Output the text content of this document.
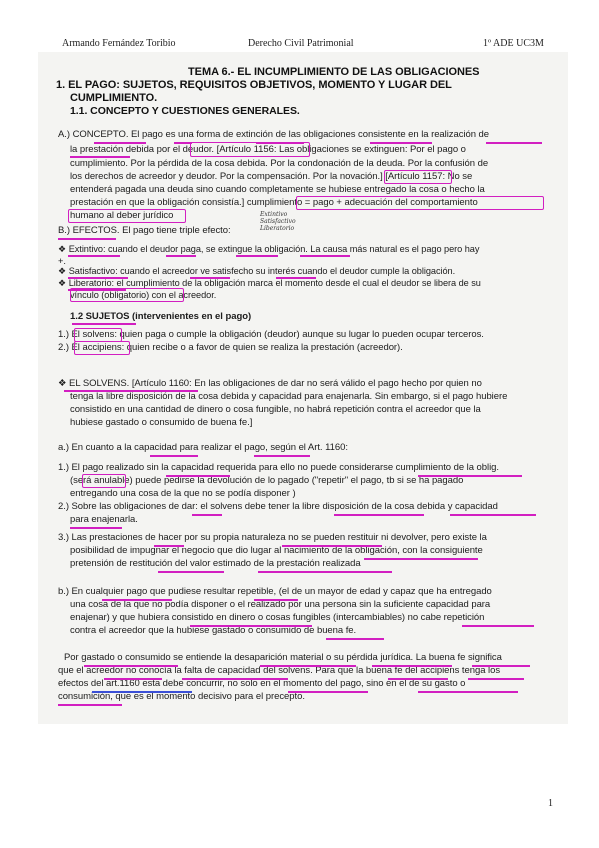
Armando Fernández Toribio	Derecho Civil Patrimonial	1º ADE UC3M
TEMA 6.- EL INCUMPLIMIENTO DE LAS OBLIGACIONES
1. EL PAGO: SUJETOS, REQUISITOS OBJETIVOS, MOMENTO Y LUGAR DEL
CUMPLIMIENTO.
1.1. CONCEPTO Y CUESTIONES GENERALES.
A.) CONCEPTO. El pago es una forma de extinción de las obligaciones consistente en la realización de
la prestación debida por el deudor. [Artículo 1156: Las obligaciones se extinguen: Por el pago o
cumplimiento. Por la pérdida de la cosa debida. Por la condonación de la deuda. Por la confusión de
los derechos de acreedor y deudor. Por la compensación. Por la novación.] [Artículo 1157: No se
entenderá pagada una deuda sino cuando completamente se hubiese entregado la cosa o hecho la
prestación en que la obligación consistía.] cumplimiento = pago + adecuación del comportamiento
humano al deber jurídico
B.) EFECTOS. El pago tiene triple efecto:
Extintivo
Satisfactivo
Liberatorio
❖ Extintivo: cuando el deudor paga, se extingue la obligación. La causa más natural es el pago pero hay
+.
❖ Satisfactivo: cuando el acreedor ve satisfecho su interés cuando el deudor cumple la obligación.
❖ Liberatorio: el cumplimiento de la obligación marca el momento desde el cual el deudor se libera de su
vínculo (obligatorio) con el acreedor.
1.2 SUJETOS (intervenientes en el pago)
1.) El solvens: quien paga o cumple la obligación (deudor) aunque su lugar lo pueden ocupar terceros.
2.) El accipiens: quien recibe o a favor de quien se realiza la prestación (acreedor).
❖ EL SOLVENS. [Artículo 1160: En las obligaciones de dar no será válido el pago hecho por quien no
tenga la libre disposición de la cosa debida y capacidad para enajenarla. Sin embargo, si el pago hubiere
consistido en una cantidad de dinero o cosa fungible, no habrá repetición contra el acreedor que la
hubiese gastado o consumido de buena fe.]
a.) En cuanto a la capacidad para realizar el pago, según el Art. 1160:
1.) El pago realizado sin la capacidad requerida para ello no puede considerarse cumplimiento de la oblig.
(será anulable) puede pedirse la devolución de lo pagado ("repetir" el pago, tb si se ha pagado
entregando una cosa de la que no se podía disponer )
2.) Sobre las obligaciones de dar: el solvens debe tener la libre disposición de la cosa debida y capacidad
para enajenarla.
3.) Las prestaciones de hacer por su propia naturaleza no se pueden restituir ni devolver, pero existe la
posibilidad de impugnar el negocio que dio lugar al nacimiento de la obligación, con la consiguiente
pretensión de restitución del valor estimado de la prestación realizada
b.) En cualquier pago que pudiese resultar repetible, (el de un mayor de edad y capaz que ha entregado
una cosa de la que no podía disponer o el realizado por una persona sin la suficiente capacidad para
enajenar) y que hubiera consistido en dinero o cosas fungibles (intercambiables) no cabe repetición
contra el acreedor que la hubiese gastado o consumido de buena fe.
Por gastado o consumido se entiende la desaparición material o su pérdida jurídica. La buena fe significa
que el acreedor no conocía la falta de capacidad del solvens. Para que la buena fe del accipiens tenga los
efectos del art.1160 esta debe concurrir, no solo en el momento del pago, sino en el de su gasto o
consumición, que es el momento decisivo para el precepto.
1
